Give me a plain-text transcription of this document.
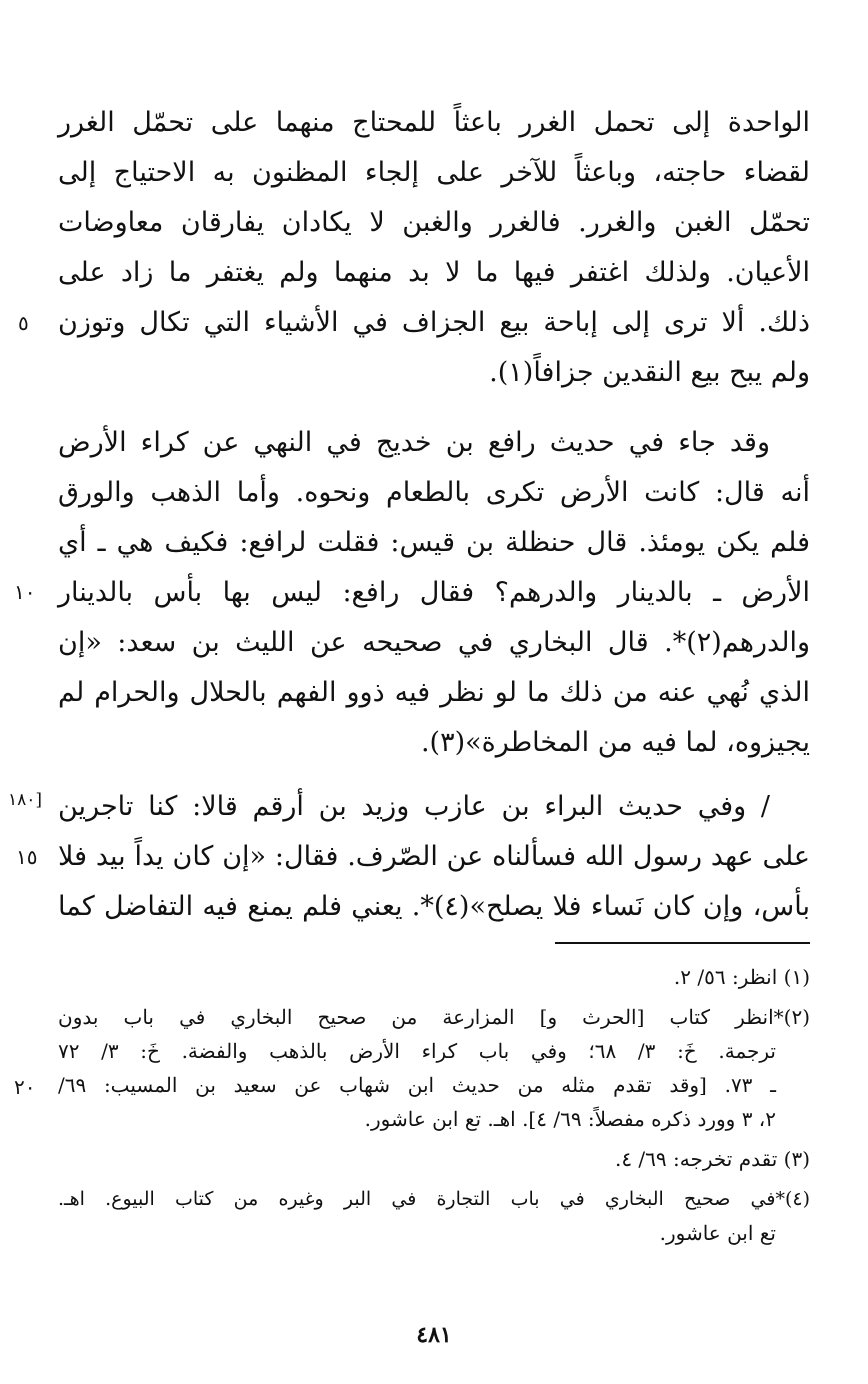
الواحدة إلى تحمل الغرر باعثاً للمحتاج منهما على تحمّل الغرر
لقضاء حاجته، وباعثاً للآخر على إلجاء المظنون به الاحتياج إلى
تحمّل الغبن والغرر. فالغرر والغبن لا يكادان يفارقان معاوضات
الأعيان. ولذلك اغتفر فيها ما لا بد منهما ولم يغتفر ما زاد على
ذلك. ألا ترى إلى إباحة بيع الجزاف في الأشياء التي تكال وتوزن
ولم يبح بيع النقدين جزافاً(١).
٥
وقد جاء في حديث رافع بن خديج في النهي عن كراء الأرض
أنه قال: كانت الأرض تكرى بالطعام ونحوه. وأما الذهب والورق
فلم يكن يومئذ. قال حنظلة بن قيس: فقلت لرافع: فكيف هي ـ أي
الأرض ـ بالدينار والدرهم؟ فقال رافع: ليس بها بأس بالدينار
والدرهم(٢)*. قال البخاري في صحيحه عن الليث بن سعد: «إن
الذي نُهي عنه من ذلك ما لو نظر فيه ذوو الفهم بالحلال والحرام لم
يجيزوه، لما فيه من المخاطرة»(٣).
١٠
[١٨٠ / وفي حديث البراء بن عازب وزيد بن أرقم قالا: كنا تاجرين
على عهد رسول الله فسألناه عن الصّرف. فقال: «إن كان يداً بيد فلا
بأس، وإن كان نَساء فلا يصلح»(٤)*. يعني فلم يمنع فيه التفاضل كما
١٥
(١) انظر: ٥٦/ ٢.
(٢)*انظر كتاب [الحرث و] المزارعة من صحيح البخاري في باب بدون
ترجمة. خَ: ٣/ ٦٨؛ وفي باب كراء الأرض بالذهب والفضة. خَ: ٣/ ٧٢
ـ ٧٣. [وقد تقدم مثله من حديث ابن شهاب عن سعيد بن المسيب: ٦٩/
٢، ٣ وورد ذكره مفصلاً: ٦٩/ ٤]. اهـ. تع ابن عاشور.
٢٠
(٣) تقدم تخرجه: ٦٩/ ٤.
(٤)*في صحيح البخاري في باب التجارة في البر وغيره من كتاب البيوع. اهـ.
تع ابن عاشور.
٤٨١
